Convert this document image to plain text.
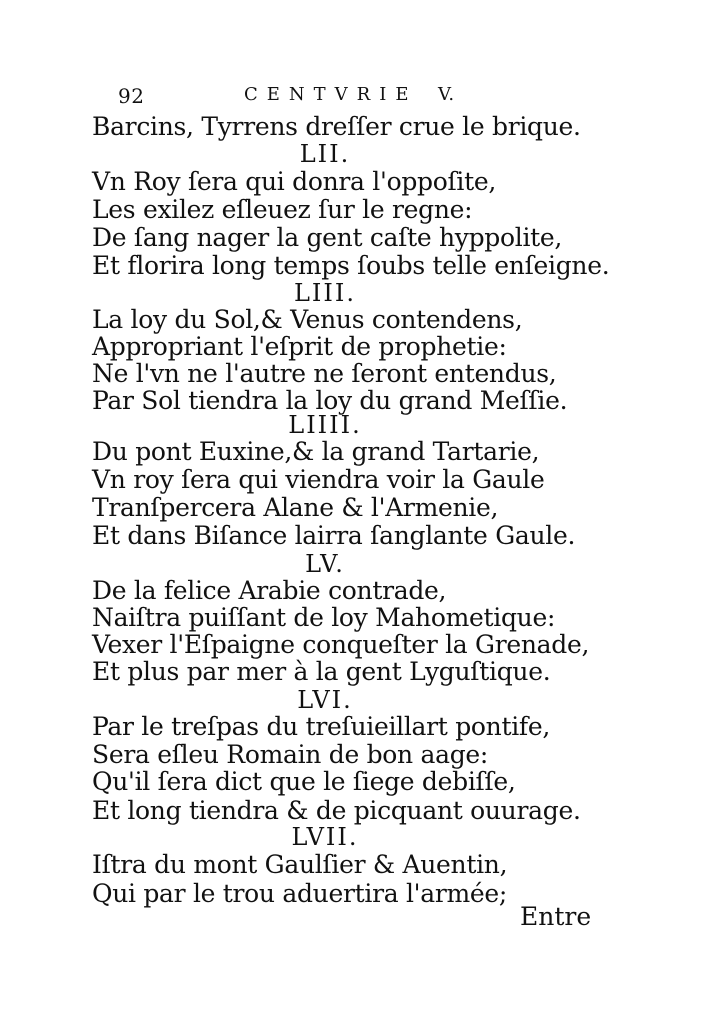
92	CENTVRIE V.
Barcins, Tyrrens dreſſer crue le brique.
LII.
Vn Roy ſera qui donra l'oppoſite,
Les exilez eſleuez ſur le regne:
De ſang nager la gent caſte hyppolite,
Et florira long temps ſoubs telle enſeigne.
LIII.
La loy du Sol,& Venus contendens,
Appropriant l'eſprit de prophetie:
Ne l'vn ne l'autre ne ſeront entendus,
Par Sol tiendra la loy du grand Meſſie.
LIIII.
Du pont Euxine,& la grand Tartarie,
Vn roy ſera qui viendra voir la Gaule
Tranſpercera Alane & l'Armenie,
Et dans Biſance lairra ſanglante Gaule.
LV.
De la felice Arabie contrade,
Naiſtra puiſſant de loy Mahometique:
Vexer l'Eſpaigne conqueſter la Grenade,
Et plus par mer à la gent Lyguſtique.
LVI.
Par le treſpas du treſuieillart pontife,
Sera eſleu Romain de bon aage:
Qu'il ſera dict que le ſiege debiſſe,
Et long tiendra & de picquant ouurage.
LVII.
Iſtra du mont Gaulſier & Auentin,
Qui par le trou aduertira l'armée;
Entre
